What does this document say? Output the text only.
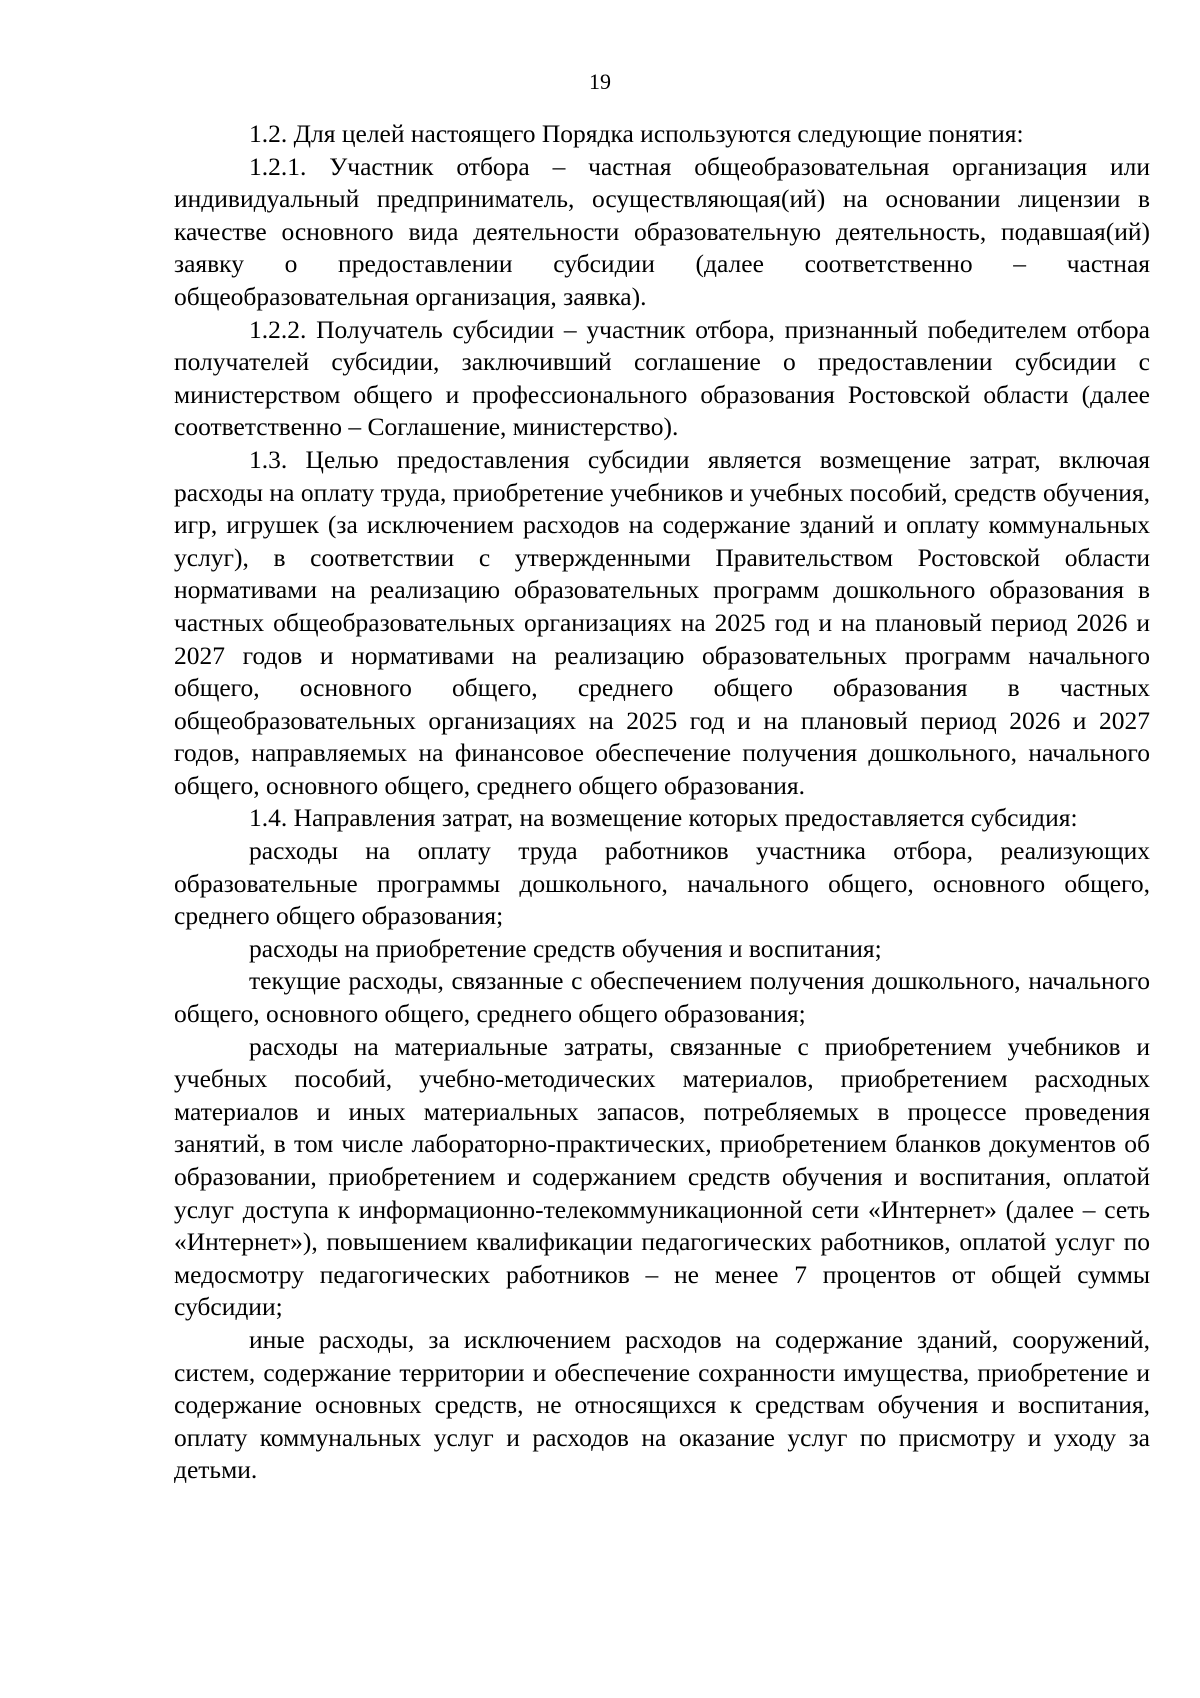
19

1.2. Для целей настоящего Порядка используются следующие понятия:

1.2.1. Участник отбора – частная общеобразовательная организация или индивидуальный предприниматель, осуществляющая(ий) на основании лицензии в качестве основного вида деятельности образовательную деятельность, подавшая(ий) заявку о предоставлении субсидии (далее соответственно – частная общеобразовательная организация, заявка).

1.2.2. Получатель субсидии – участник отбора, признанный победителем отбора получателей субсидии, заключивший соглашение о предоставлении субсидии с министерством общего и профессионального образования Ростовской области (далее соответственно – Соглашение, министерство).

1.3. Целью предоставления субсидии является возмещение затрат, включая расходы на оплату труда, приобретение учебников и учебных пособий, средств обучения, игр, игрушек (за исключением расходов на содержание зданий и оплату коммунальных услуг), в соответствии с утвержденными Правительством Ростовской области нормативами на реализацию образовательных программ дошкольного образования в частных общеобразовательных организациях на 2025 год и на плановый период 2026 и 2027 годов и нормативами на реализацию образовательных программ начального общего, основного общего, среднего общего образования в частных общеобразовательных организациях на 2025 год и на плановый период 2026 и 2027 годов, направляемых на финансовое обеспечение получения дошкольного, начального общего, основного общего, среднего общего образования.

1.4. Направления затрат, на возмещение которых предоставляется субсидия:

расходы на оплату труда работников участника отбора, реализующих образовательные программы дошкольного, начального общего, основного общего, среднего общего образования;

расходы на приобретение средств обучения и воспитания;

текущие расходы, связанные с обеспечением получения дошкольного, начального общего, основного общего, среднего общего образования;

расходы на материальные затраты, связанные с приобретением учебников и учебных пособий, учебно-методических материалов, приобретением расходных материалов и иных материальных запасов, потребляемых в процессе проведения занятий, в том числе лабораторно-практических, приобретением бланков документов об образовании, приобретением и содержанием средств обучения и воспитания, оплатой услуг доступа к информационно-телекоммуникационной сети «Интернет» (далее – сеть «Интернет»), повышением квалификации педагогических работников, оплатой услуг по медосмотру педагогических работников – не менее 7 процентов от общей суммы субсидии;

иные расходы, за исключением расходов на содержание зданий, сооружений, систем, содержание территории и обеспечение сохранности имущества, приобретение и содержание основных средств, не относящихся к средствам обучения и воспитания, оплату коммунальных услуг и расходов на оказание услуг по присмотру и уходу за детьми.
